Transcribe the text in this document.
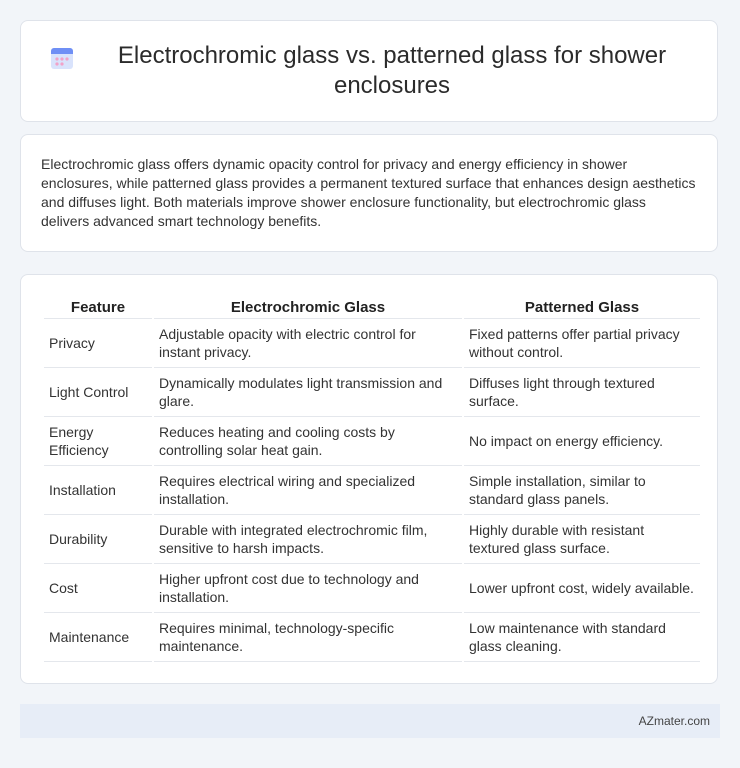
Electrochromic glass vs. patterned glass for shower enclosures

Electrochromic glass offers dynamic opacity control for privacy and energy efficiency in shower enclosures, while patterned glass provides a permanent textured surface that enhances design aesthetics and diffuses light. Both materials improve shower enclosure functionality, but electrochromic glass delivers advanced smart technology benefits.

Feature	Electrochromic Glass	Patterned Glass
Privacy	Adjustable opacity with electric control for instant privacy.	Fixed patterns offer partial privacy without control.
Light Control	Dynamically modulates light transmission and glare.	Diffuses light through textured surface.
Energy Efficiency	Reduces heating and cooling costs by controlling solar heat gain.	No impact on energy efficiency.
Installation	Requires electrical wiring and specialized installation.	Simple installation, similar to standard glass panels.
Durability	Durable with integrated electrochromic film, sensitive to harsh impacts.	Highly durable with resistant textured glass surface.
Cost	Higher upfront cost due to technology and installation.	Lower upfront cost, widely available.
Maintenance	Requires minimal, technology-specific maintenance.	Low maintenance with standard glass cleaning.
AZmater.com
